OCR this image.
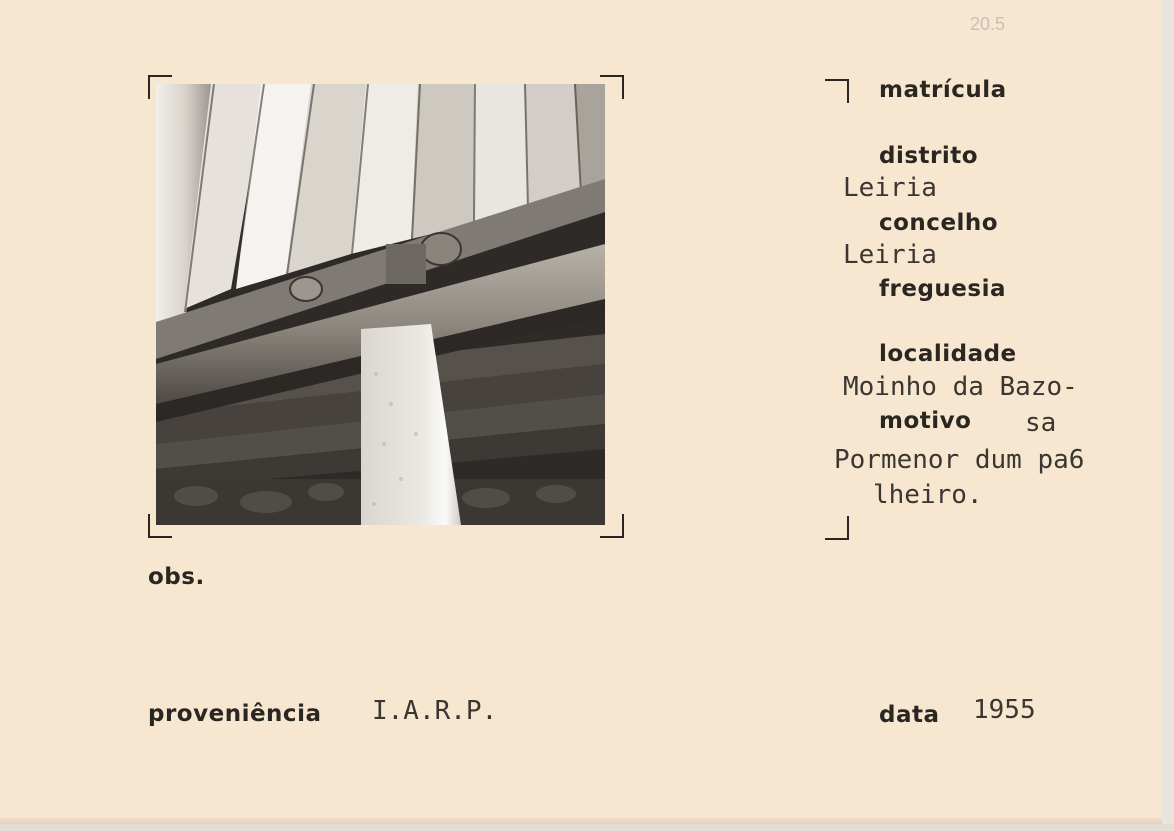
20.5
matrícula
distrito
Leiria
concelho
Leiria
freguesia
localidade
Moinho da Bazo-
motivo sa
Pormenor dum pa6
lheiro.
obs.
proveniência I.A.R.P.	data 1955
